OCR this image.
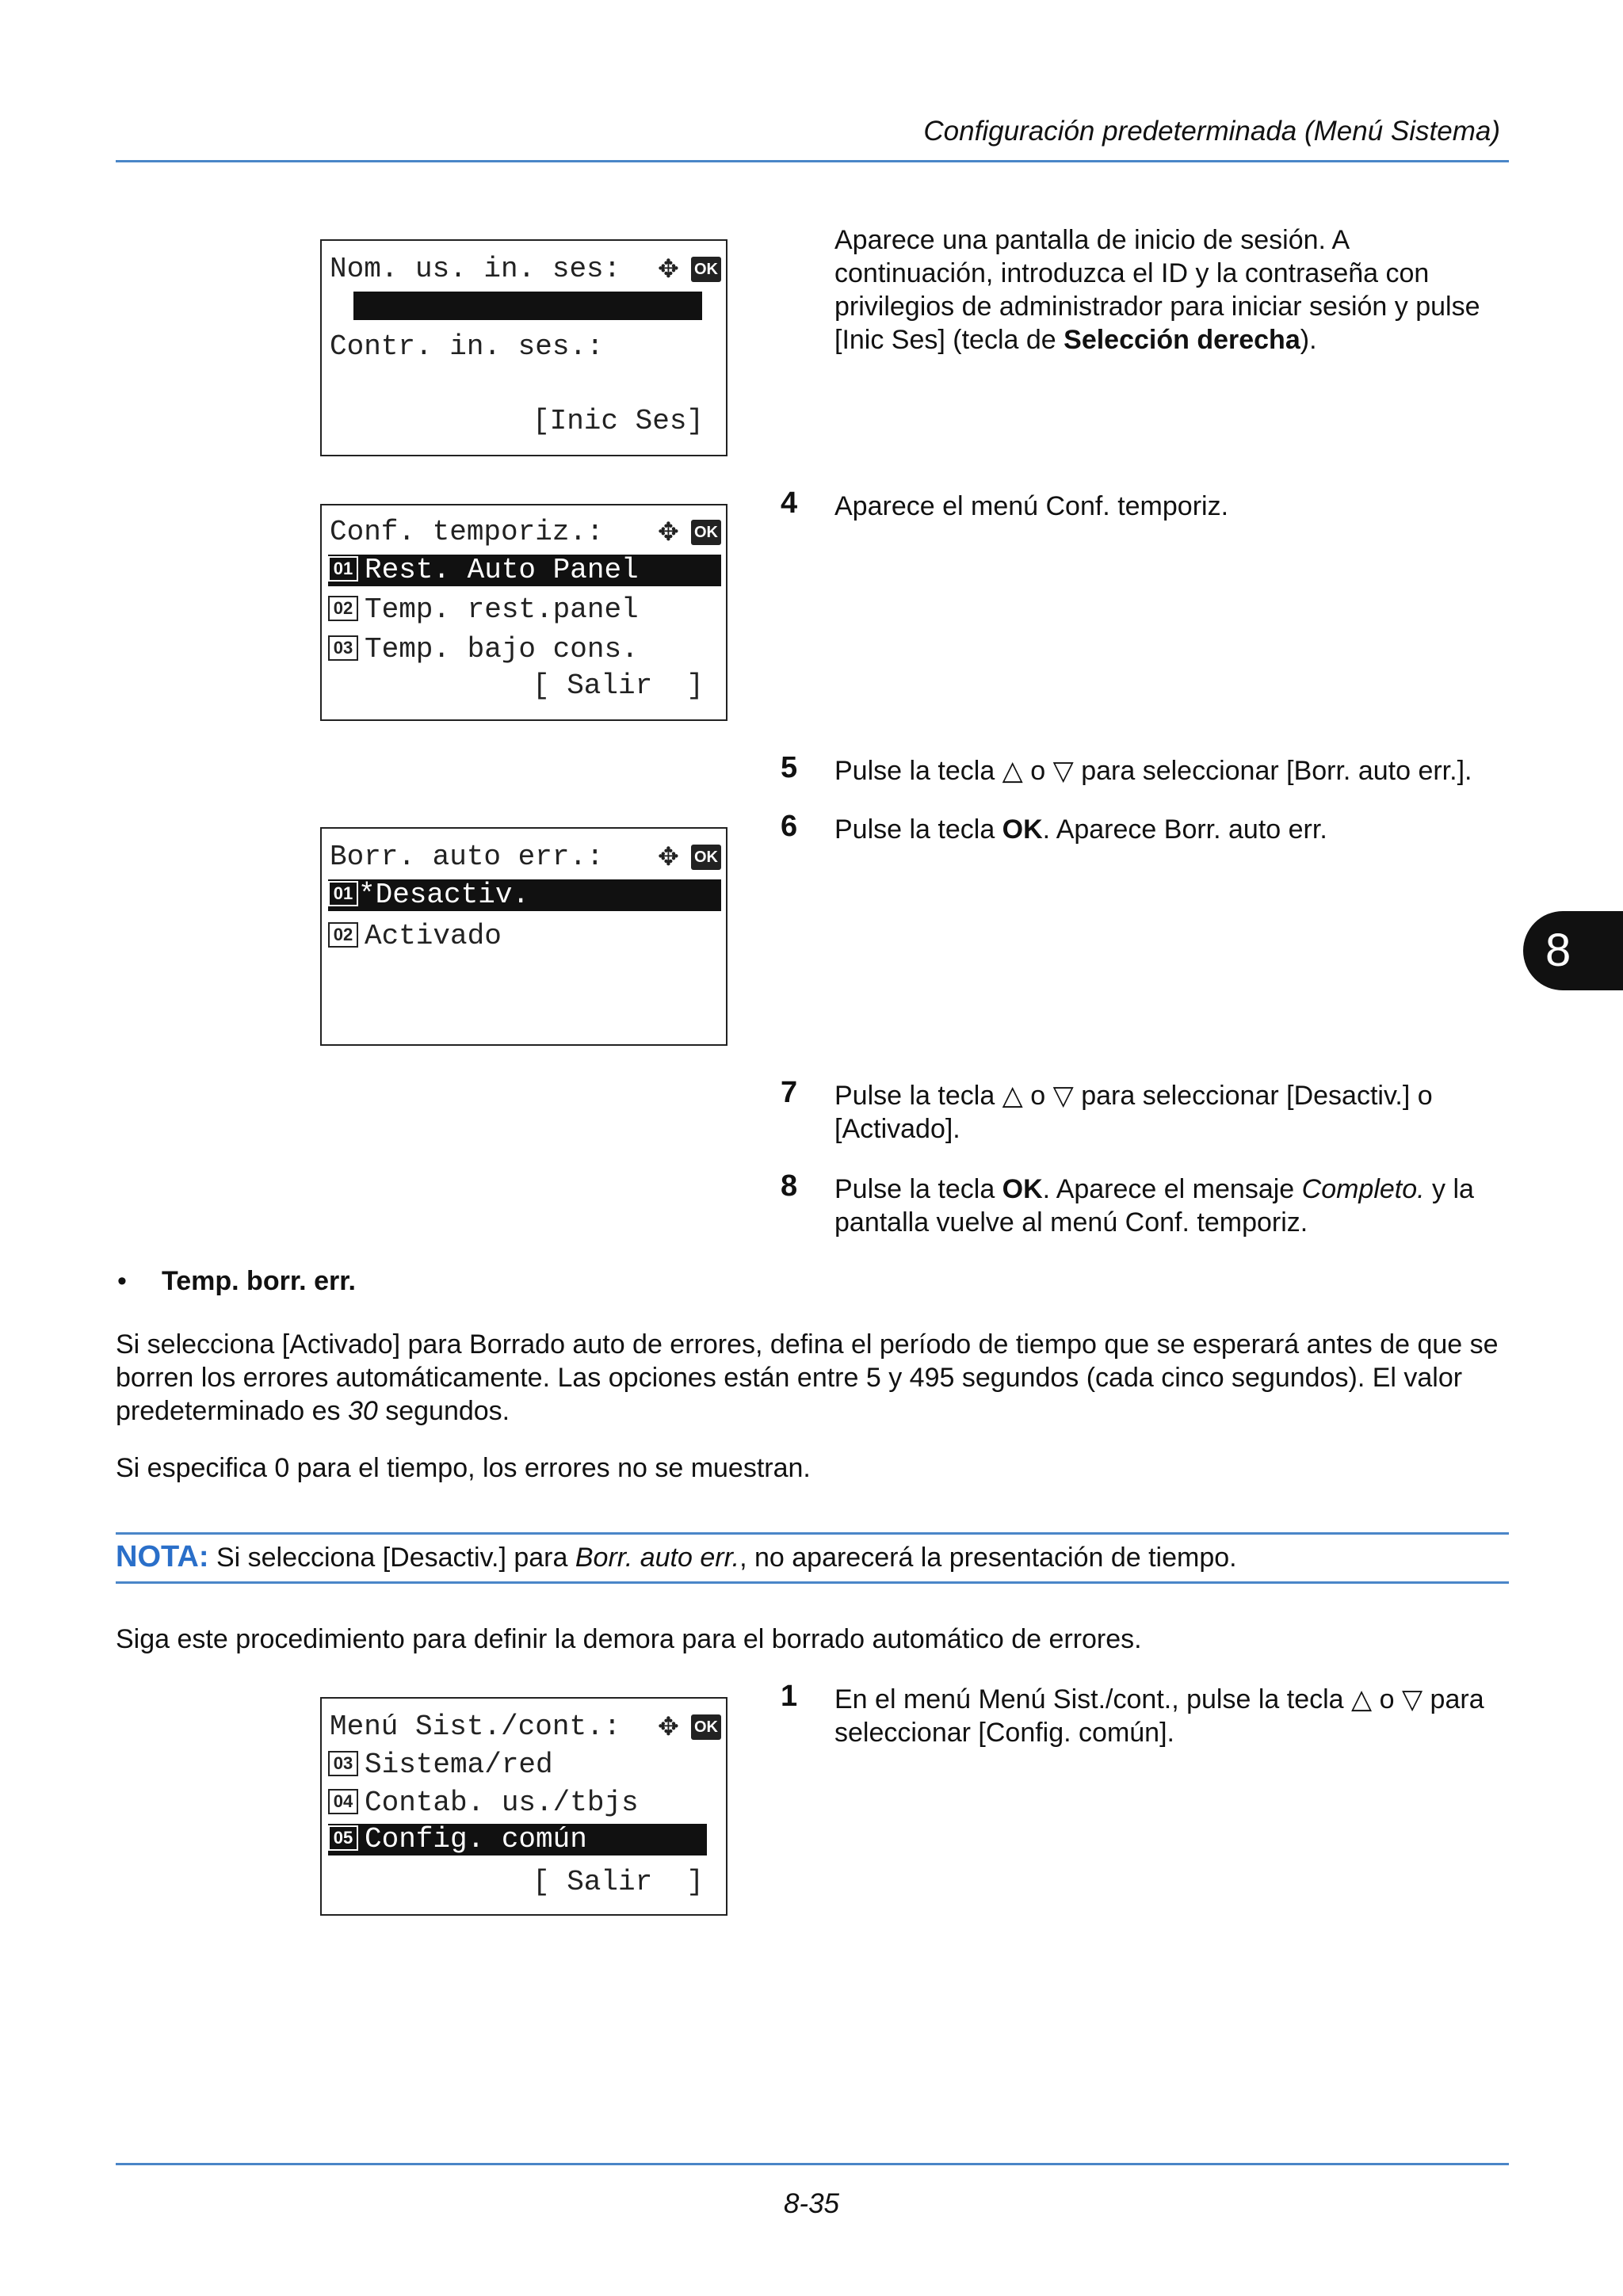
Configuración predeterminada (Menú Sistema)
8
Nom. us. in. ses: ✥ OK
Contr. in. ses.:
[Inic Ses]
Conf. temporiz.: ✥ OK
01 Rest. Auto Panel
02 Temp. rest.panel
03 Temp. bajo cons.
[ Salir  ]
Borr. auto err.: ✥ OK
01 *Desactiv.
02 Activado
Aparece una pantalla de inicio de sesión. A continuación, introduzca el ID y la contraseña con privilegios de administrador para iniciar sesión y pulse [Inic Ses] (tecla de Selección derecha).
4 Aparece el menú Conf. temporiz.
5 Pulse la tecla △ o ▽ para seleccionar [Borr. auto err.].
6 Pulse la tecla OK. Aparece Borr. auto err.
7 Pulse la tecla △ o ▽ para seleccionar [Desactiv.] o [Activado].
8 Pulse la tecla OK. Aparece el mensaje Completo. y la pantalla vuelve al menú Conf. temporiz.
• Temp. borr. err.
Si selecciona [Activado] para Borrado auto de errores, defina el período de tiempo que se esperará antes de que se borren los errores automáticamente. Las opciones están entre 5 y 495 segundos (cada cinco segundos). El valor predeterminado es 30 segundos.
Si especifica 0 para el tiempo, los errores no se muestran.
NOTA: Si selecciona [Desactiv.] para Borr. auto err., no aparecerá la presentación de tiempo.
Siga este procedimiento para definir la demora para el borrado automático de errores.
Menú Sist./cont.: ✥ OK
03 Sistema/red
04 Contab. us./tbjs
05 Config. común
[ Salir  ]
1 En el menú Menú Sist./cont., pulse la tecla △ o ▽ para seleccionar [Config. común].
8-35
